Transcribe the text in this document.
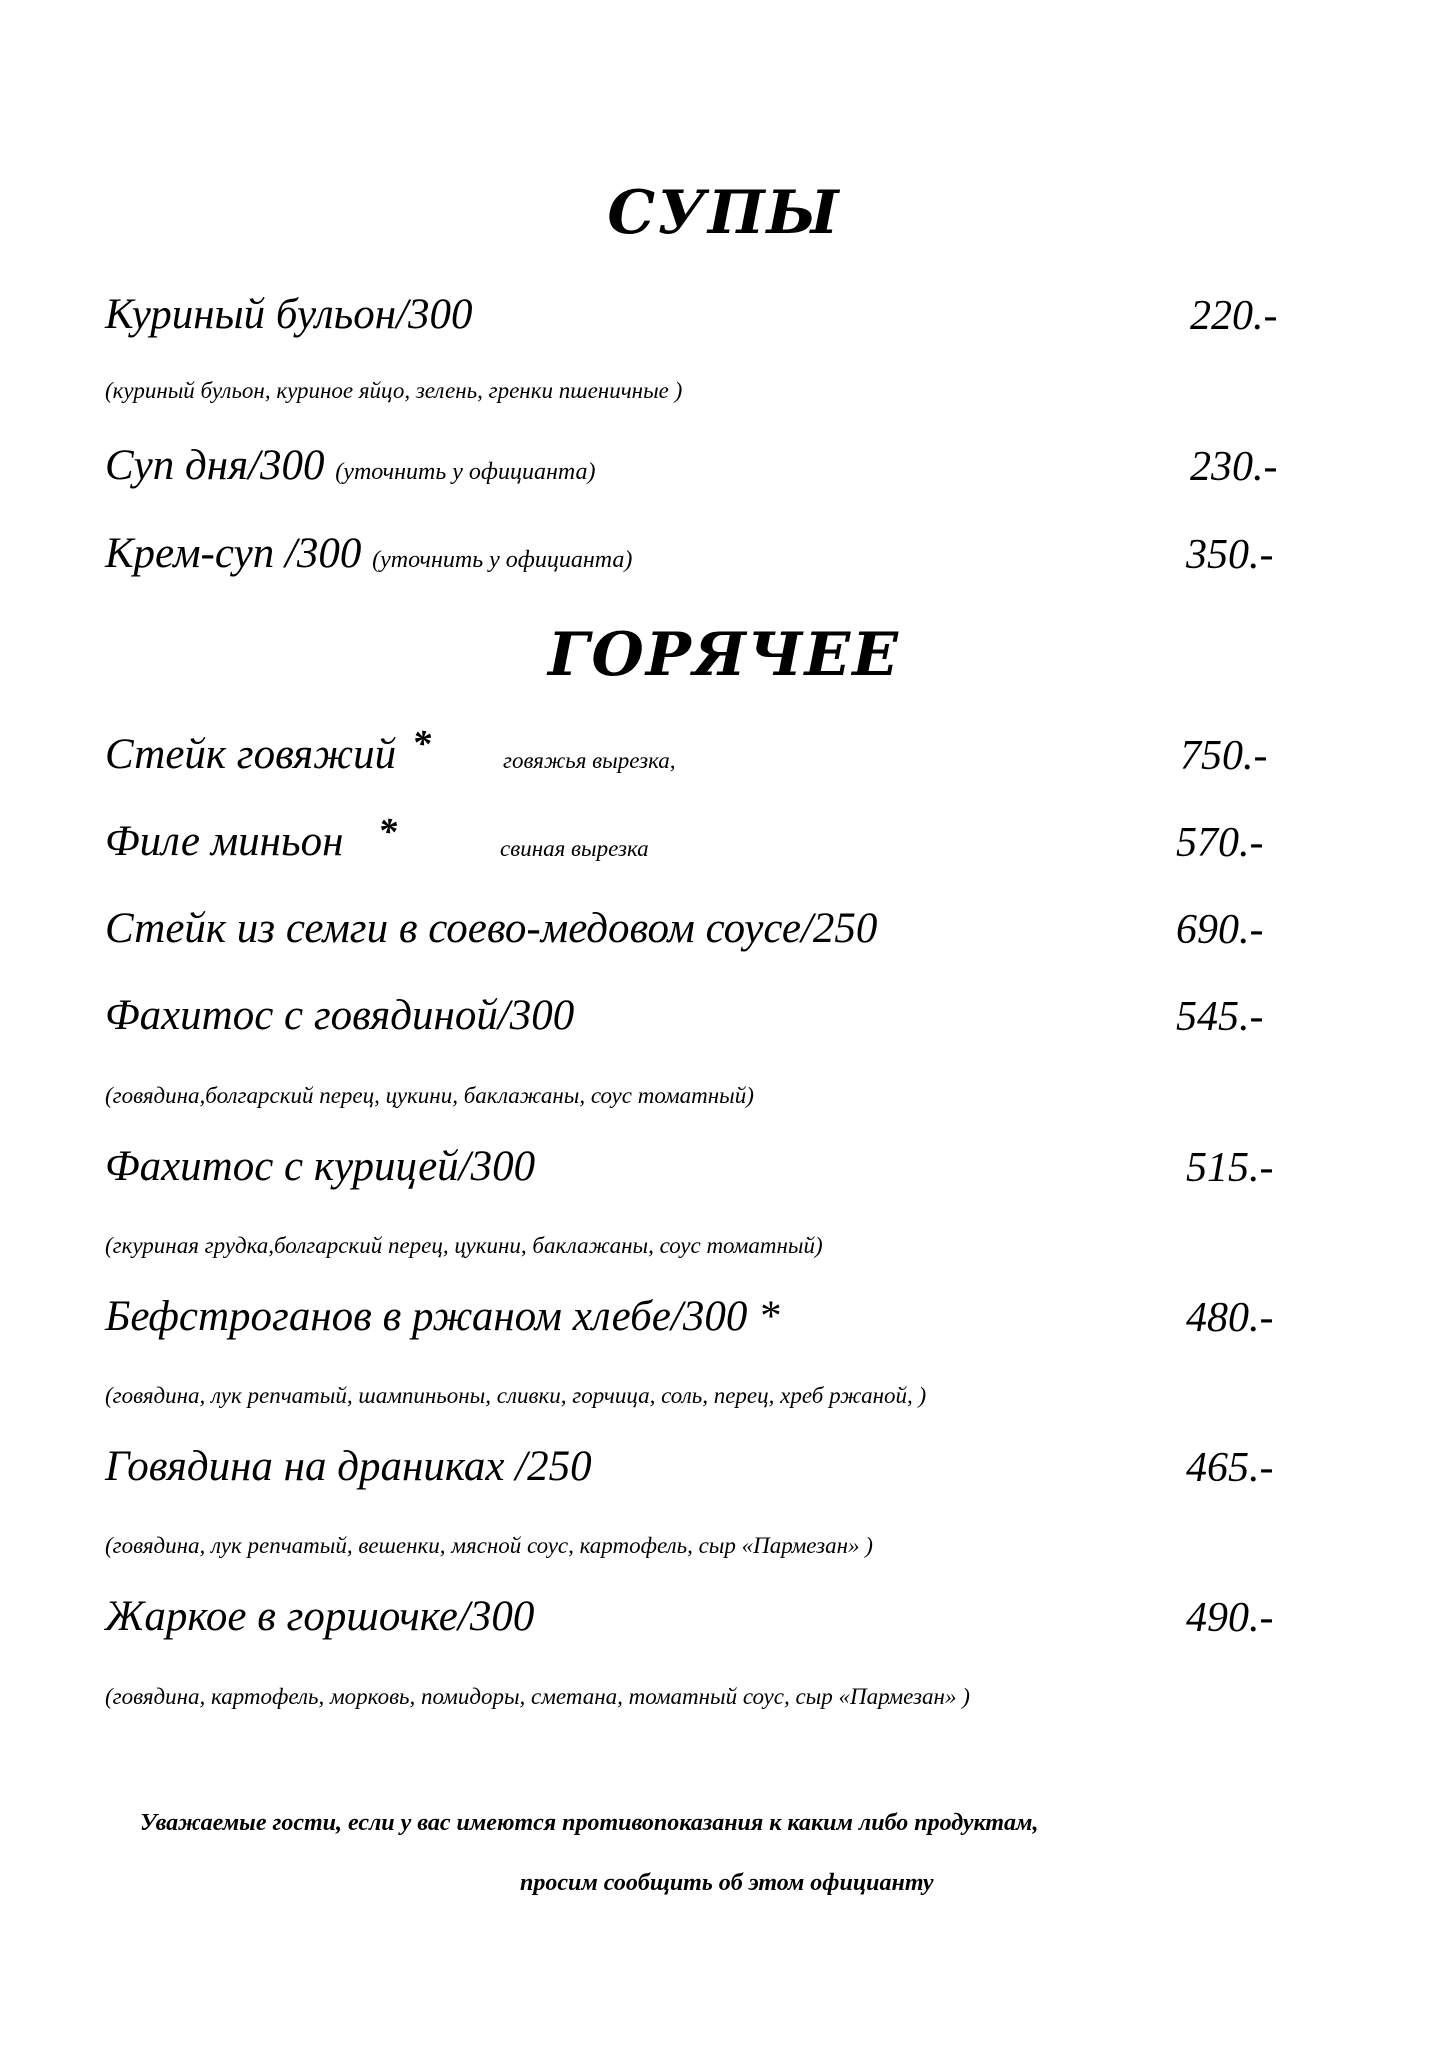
СУПЫ
Куриный бульон/300	220.-
(куриный бульон, куриное яйцо, зелень, гренки пшеничные )
Суп дня/300 (уточнить у официанта)	230.-
Крем-суп /300 (уточнить у официанта)	350.-
ГОРЯЧЕЕ
Стейк говяжий *	говяжья вырезка,	750.-
Филе миньон *	свиная вырезка	570.-
Стейк из семги в соево-медовом соусе/250	690.-
Фахитос с говядиной/300	545.-
(говядина,болгарский перец, цукини, баклажаны, соус томатный)
Фахитос с курицей/300	515.-
(гкуриная грудка,болгарский перец, цукини, баклажаны, соус томатный)
Бефстроганов в ржаном хлебе/300 *	480.-
(говядина, лук репчатый, шампиньоны, сливки, горчица, соль, перец, хреб ржаной, )
Говядина на драниках /250	465.-
(говядина, лук репчатый, вешенки, мясной соус, картофель, сыр «Пармезан» )
Жаркое в горшочке/300	490.-
(говядина, картофель, морковь, помидоры, сметана, томатный соус, сыр «Пармезан» )
Уважаемые гости, если у вас имеются противопоказания к каким либо продуктам,
просим сообщить об этом официанту
